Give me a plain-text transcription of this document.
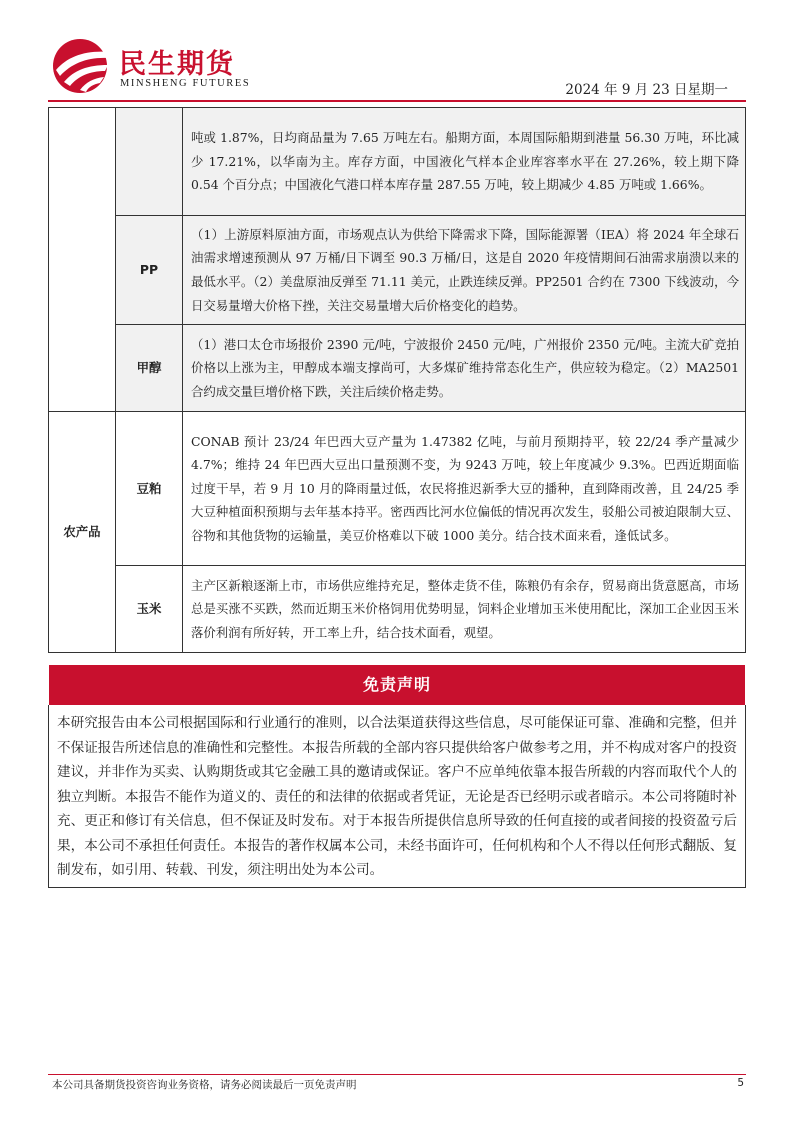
民生期货
MINSHENG FUTURES	2024 年 9 月 23 日星期一
		吨或 1.87%，日均商品量为 7.65 万吨左右。船期方面，本周国际船期到港量 56.30 万吨，环比减少 17.21%，以华南为主。库存方面，中国液化气样本企业库容率水平在 27.26%，较上期下降 0.54 个百分点；中国液化气港口样本库存量 287.55 万吨，较上期减少 4.85 万吨或 1.66%。
	PP	（1）上游原料原油方面，市场观点认为供给下降需求下降，国际能源署（IEA）将 2024 年全球石油需求增速预测从 97 万桶/日下调至 90.3 万桶/日，这是自 2020 年疫情期间石油需求崩溃以来的最低水平。（2）美盘原油反弹至 71.11 美元，止跌连续反弹。PP2501 合约在 7300 下线波动，今日交易量增大价格下挫，关注交易量增大后价格变化的趋势。
	甲醇	（1）港口太仓市场报价 2390 元/吨，宁波报价 2450 元/吨，广州报价 2350 元/吨。主流大矿竞拍价格以上涨为主，甲醇成本端支撑尚可，大多煤矿维持常态化生产，供应较为稳定。（2）MA2501 合约成交量巨增价格下跌，关注后续价格走势。
农产品	豆粕	CONAB 预计 23/24 年巴西大豆产量为 1.47382 亿吨，与前月预期持平，较 22/24 季产量减少 4.7%；维持 24 年巴西大豆出口量预测不变，为 9243 万吨，较上年度减少 9.3%。巴西近期面临过度干旱，若 9 月 10 月的降雨量过低，农民将推迟新季大豆的播种，直到降雨改善，且 24/25 季大豆种植面积预期与去年基本持平。密西西比河水位偏低的情况再次发生，驳船公司被迫限制大豆、谷物和其他货物的运输量，美豆价格难以下破 1000 美分。结合技术面来看，逢低试多。
	玉米	主产区新粮逐渐上市，市场供应维持充足，整体走货不佳，陈粮仍有余存，贸易商出货意愿高，市场总是买涨不买跌，然而近期玉米价格饲用优势明显，饲料企业增加玉米使用配比，深加工企业因玉米落价利润有所好转，开工率上升，结合技术面看，观望。
免责声明
本研究报告由本公司根据国际和行业通行的准则，以合法渠道获得这些信息，尽可能保证可靠、准确和完整，但并不保证报告所述信息的准确性和完整性。本报告所载的全部内容只提供给客户做参考之用，并不构成对客户的投资建议，并非作为买卖、认购期货或其它金融工具的邀请或保证。客户不应单纯依靠本报告所载的内容而取代个人的独立判断。本报告不能作为道义的、责任的和法律的依据或者凭证，无论是否已经明示或者暗示。本公司将随时补充、更正和修订有关信息，但不保证及时发布。对于本报告所提供信息所导致的任何直接的或者间接的投资盈亏后果，本公司不承担任何责任。本报告的著作权属本公司，未经书面许可，任何机构和个人不得以任何形式翻版、复制发布，如引用、转载、刊发，须注明出处为本公司。
本公司具备期货投资咨询业务资格，请务必阅读最后一页免责声明	5
